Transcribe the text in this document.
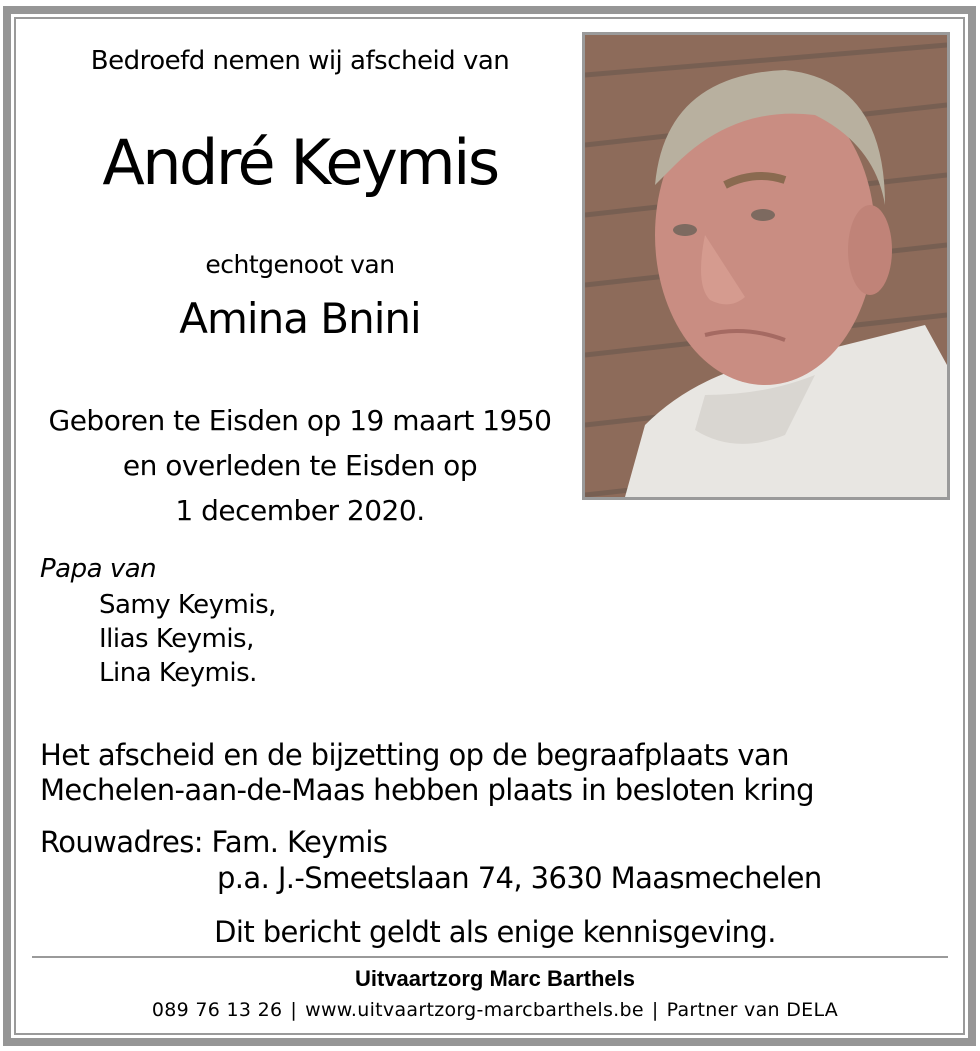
Bedroefd nemen wij afscheid van
André Keymis
echtgenoot van
Amina Bnini
Geboren te Eisden op 19 maart 1950
en overleden te Eisden op
1 december 2020.
Papa van
Samy Keymis,
Ilias Keymis,
Lina Keymis.
Het afscheid en de bijzetting op de begraafplaats van
Mechelen-aan-de-Maas hebben plaats in besloten kring
Rouwadres: Fam. Keymis
p.a. J.-Smeetslaan 74, 3630 Maasmechelen
Dit bericht geldt als enige kennisgeving.
Uitvaartzorg Marc Barthels
089 76 13 26 | www.uitvaartzorg-marcbarthels.be | Partner van DELA
